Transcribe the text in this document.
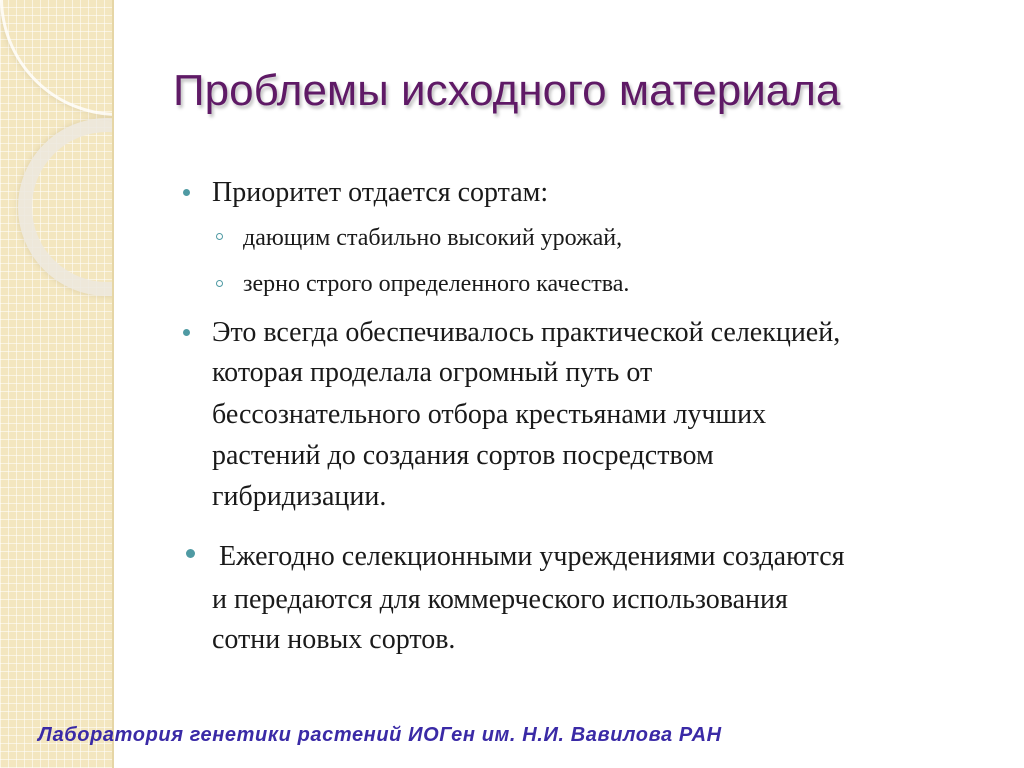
Проблемы исходного материала

Приоритет отдается сортам:

дающим стабильно высокий урожай,

зерно строго определенного качества.

Это всегда обеспечивалось практической селекцией,

которая проделала огромный путь от

бессознательного отбора крестьянами лучших

растений до создания сортов посредством

гибридизации.

Ежегодно селекционными учреждениями создаются

и передаются для коммерческого использования

сотни новых сортов.

Лаборатория генетики растений ИОГен им. Н.И. Вавилова РАН
